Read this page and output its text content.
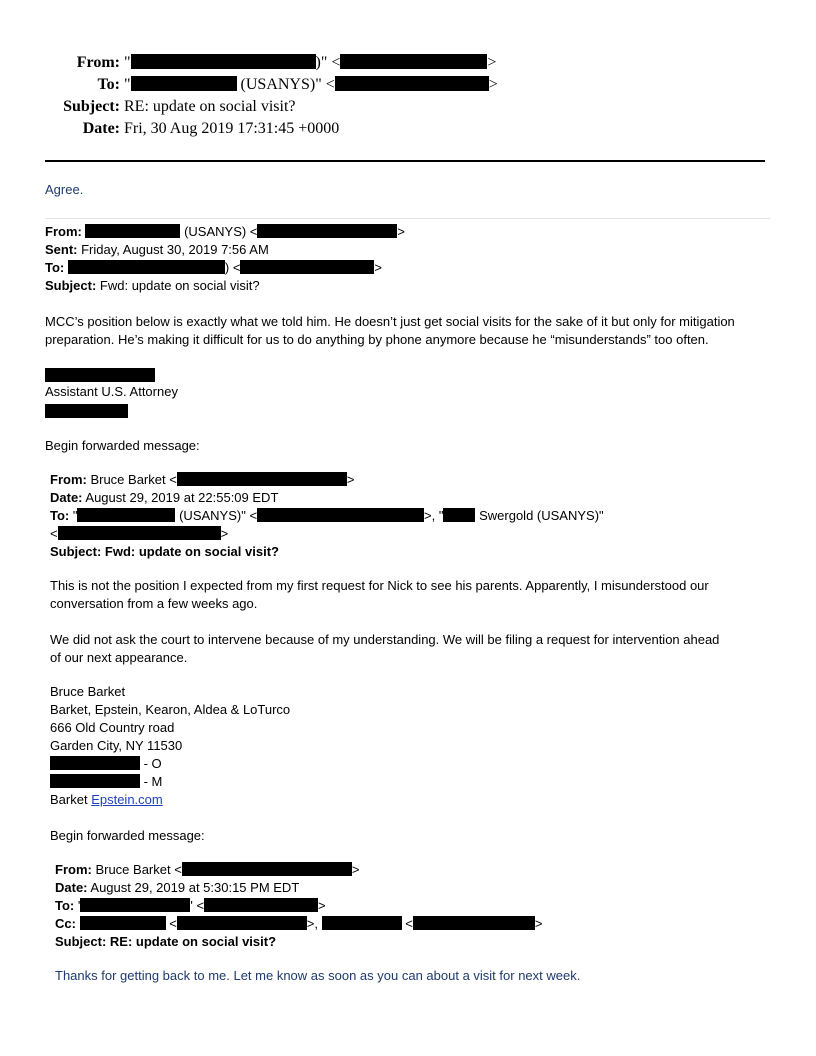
From: "	)" <	>
To: "	(USANYS)" <	>
Subject: RE: update on social visit?
Date: Fri, 30 Aug 2019 17:31:45 +0000
Agree.
From:	(USANYS) <	>
Sent: Friday, August 30, 2019 7:56 AM
To:	) <	>
Subject: Fwd: update on social visit?
MCC’s position below is exactly what we told him. He doesn’t just get social visits for the sake of it but only for mitigation
preparation. He’s making it difficult for us to do anything by phone anymore because he “misunderstands” too often.
Assistant U.S. Attorney
Begin forwarded message:
From: Bruce Barket <	>
Date: August 29, 2019 at 22:55:09 EDT
To: "	(USANYS)" <	>, " Swergold (USANYS)"
<	>
Subject: Fwd: update on social visit?
This is not the position I expected from my first request for Nick to see his parents. Apparently, I misunderstood our
conversation from a few weeks ago.
We did not ask the court to intervene because of my understanding. We will be filing a request for intervention ahead
of our next appearance.
Bruce Barket
Barket, Epstein, Kearon, Aldea & LoTurco
666 Old Country road
Garden City, NY 11530
- O
- M
Barket Epstein.com
Begin forwarded message:
From: Bruce Barket <	>
Date: August 29, 2019 at 5:30:15 PM EDT
To: '	' <	>
Cc:	<	>,	<	>
Subject: RE: update on social visit?
Thanks for getting back to me. Let me know as soon as you can about a visit for next week.
